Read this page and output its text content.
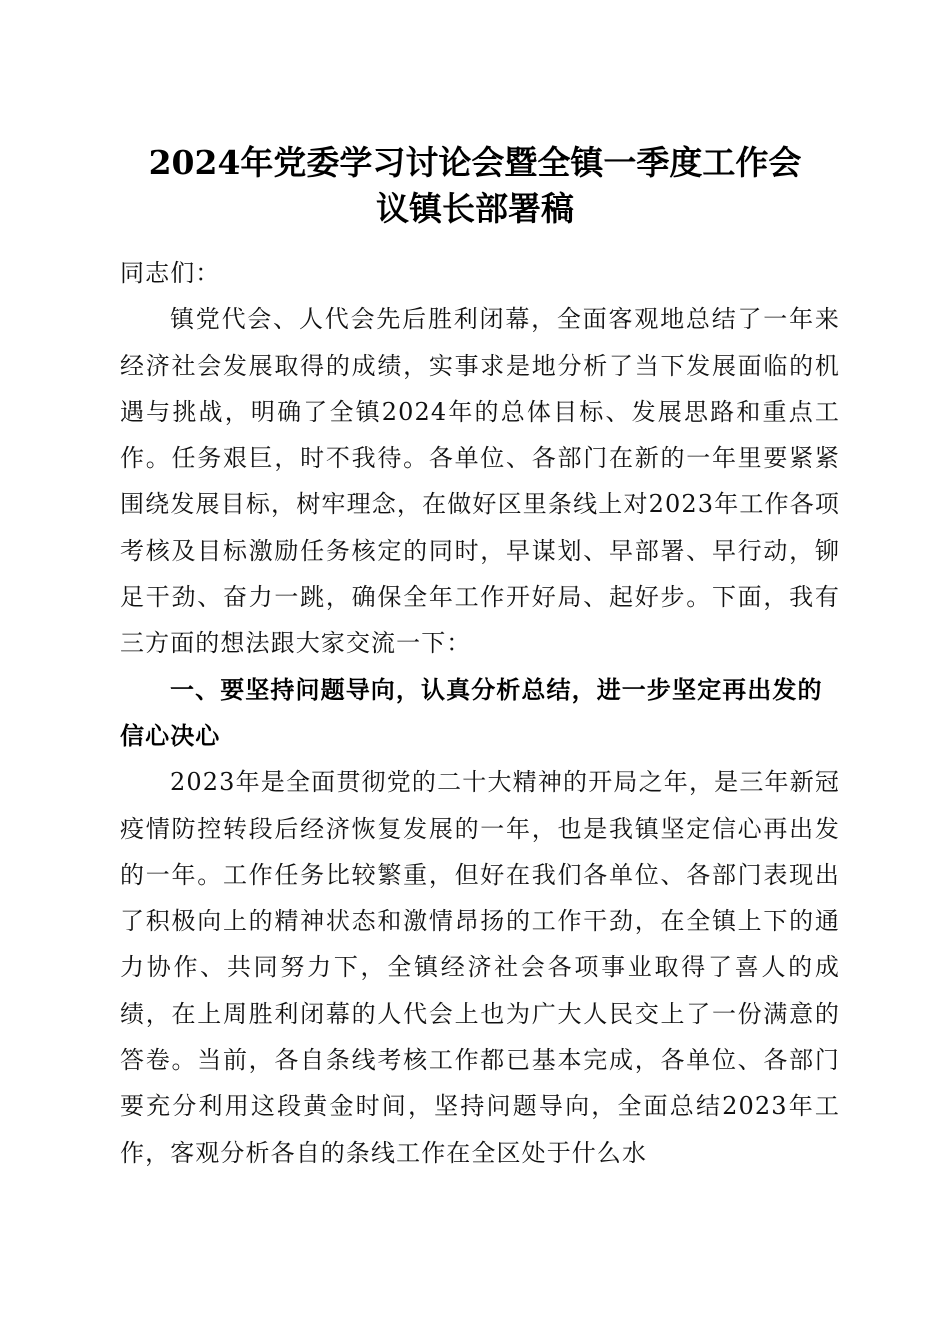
2024年党委学习讨论会暨全镇一季度工作会
议镇长部署稿

同志们：

镇党代会、人代会先后胜利闭幕，全面客观地总结了一年来经济社会发展取得的成绩，实事求是地分析了当下发展面临的机遇与挑战，明确了全镇2024年的总体目标、发展思路和重点工作。任务艰巨，时不我待。各单位、各部门在新的一年里要紧紧围绕发展目标，树牢理念，在做好区里条线上对2023年工作各项考核及目标激励任务核定的同时，早谋划、早部署、早行动，铆足干劲、奋力一跳，确保全年工作开好局、起好步。下面，我有三方面的想法跟大家交流一下：

一、要坚持问题导向，认真分析总结，进一步坚定再出发的信心决心

2023年是全面贯彻党的二十大精神的开局之年，是三年新冠疫情防控转段后经济恢复发展的一年，也是我镇坚定信心再出发的一年。工作任务比较繁重，但好在我们各单位、各部门表现出了积极向上的精神状态和激情昂扬的工作干劲，在全镇上下的通力协作、共同努力下，全镇经济社会各项事业取得了喜人的成绩，在上周胜利闭幕的人代会上也为广大人民交上了一份满意的答卷。当前，各自条线考核工作都已基本完成，各单位、各部门要充分利用这段黄金时间，坚持问题导向，全面总结2023年工作，客观分析各自的条线工作在全区处于什么水
